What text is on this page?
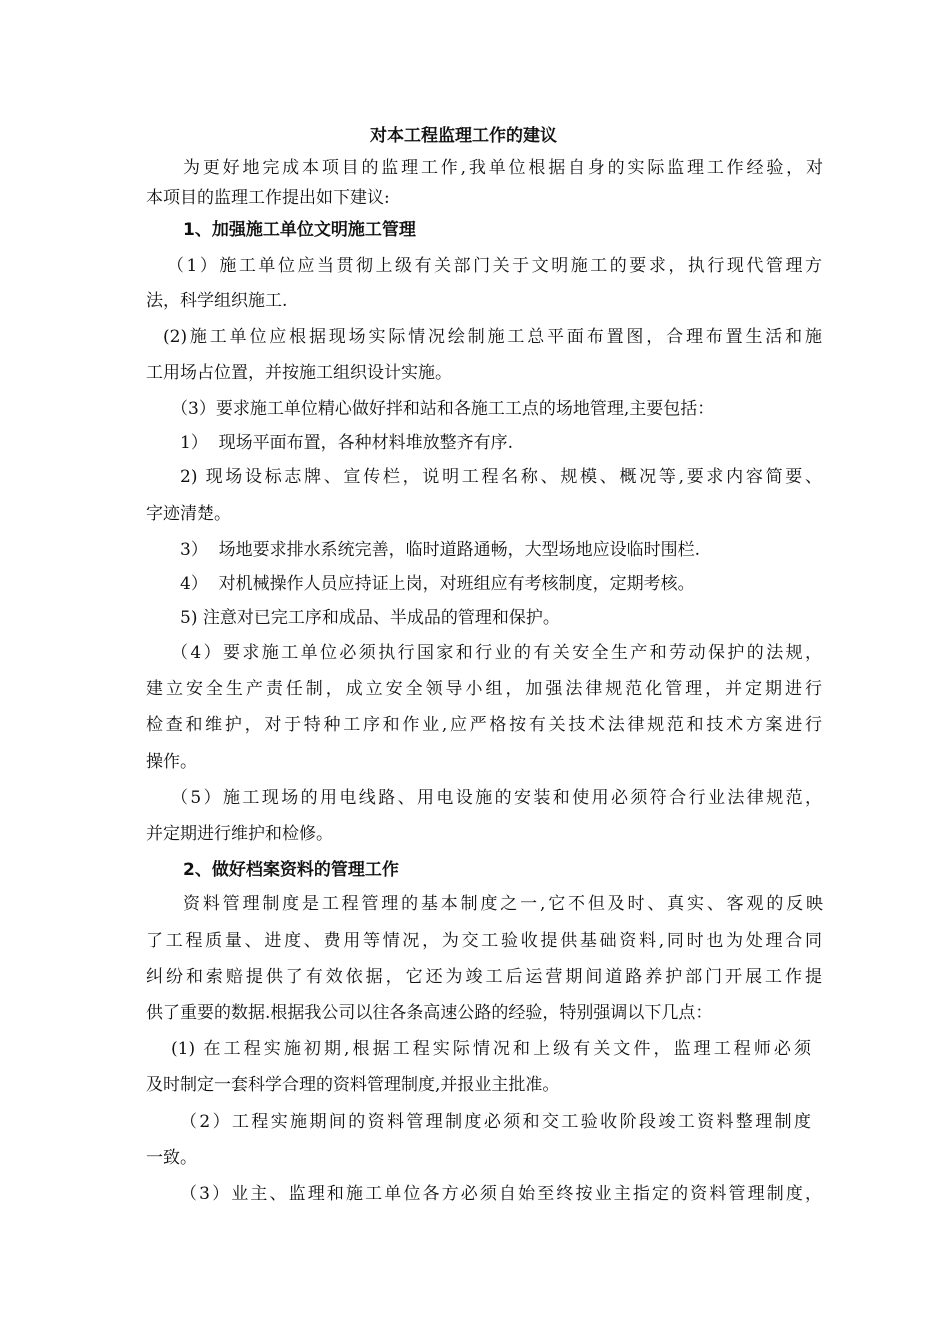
对本工程监理工作的建议
为更好地完成本项目的监理工作,我单位根据自身的实际监理工作经验，对
本项目的监理工作提出如下建议:
1、加强施工单位文明施工管理
（1）施工单位应当贯彻上级有关部门关于文明施工的要求，执行现代管理方
法，科学组织施工.
(2)施工单位应根据现场实际情况绘制施工总平面布置图，合理布置生活和施
工用场占位置，并按施工组织设计实施。
（3）要求施工单位精心做好拌和站和各施工工点的场地管理,主要包括：
1）  现场平面布置，各种材料堆放整齐有序.
2) 现场设标志牌、宣传栏，说明工程名称、规模、概况等,要求内容简要、
字迹清楚。
3）  场地要求排水系统完善，临时道路通畅，大型场地应设临时围栏.
4）  对机械操作人员应持证上岗，对班组应有考核制度，定期考核。
5) 注意对已完工序和成品、半成品的管理和保护。
（4）要求施工单位必须执行国家和行业的有关安全生产和劳动保护的法规，
建立安全生产责任制，成立安全领导小组，加强法律规范化管理，并定期进行
检查和维护，对于特种工序和作业,应严格按有关技术法律规范和技术方案进行
操作。
（5）施工现场的用电线路、用电设施的安装和使用必须符合行业法律规范，
并定期进行维护和检修。
2、做好档案资料的管理工作
资料管理制度是工程管理的基本制度之一,它不但及时、真实、客观的反映
了工程质量、进度、费用等情况，为交工验收提供基础资料,同时也为处理合同
纠纷和索赔提供了有效依据，它还为竣工后运营期间道路养护部门开展工作提
供了重要的数据.根据我公司以往各条高速公路的经验，特别强调以下几点：
(1) 在工程实施初期,根据工程实际情况和上级有关文件，监理工程师必须
及时制定一套科学合理的资料管理制度,并报业主批准。
（2）工程实施期间的资料管理制度必须和交工验收阶段竣工资料整理制度
一致。
（3）业主、监理和施工单位各方必须自始至终按业主指定的资料管理制度，
